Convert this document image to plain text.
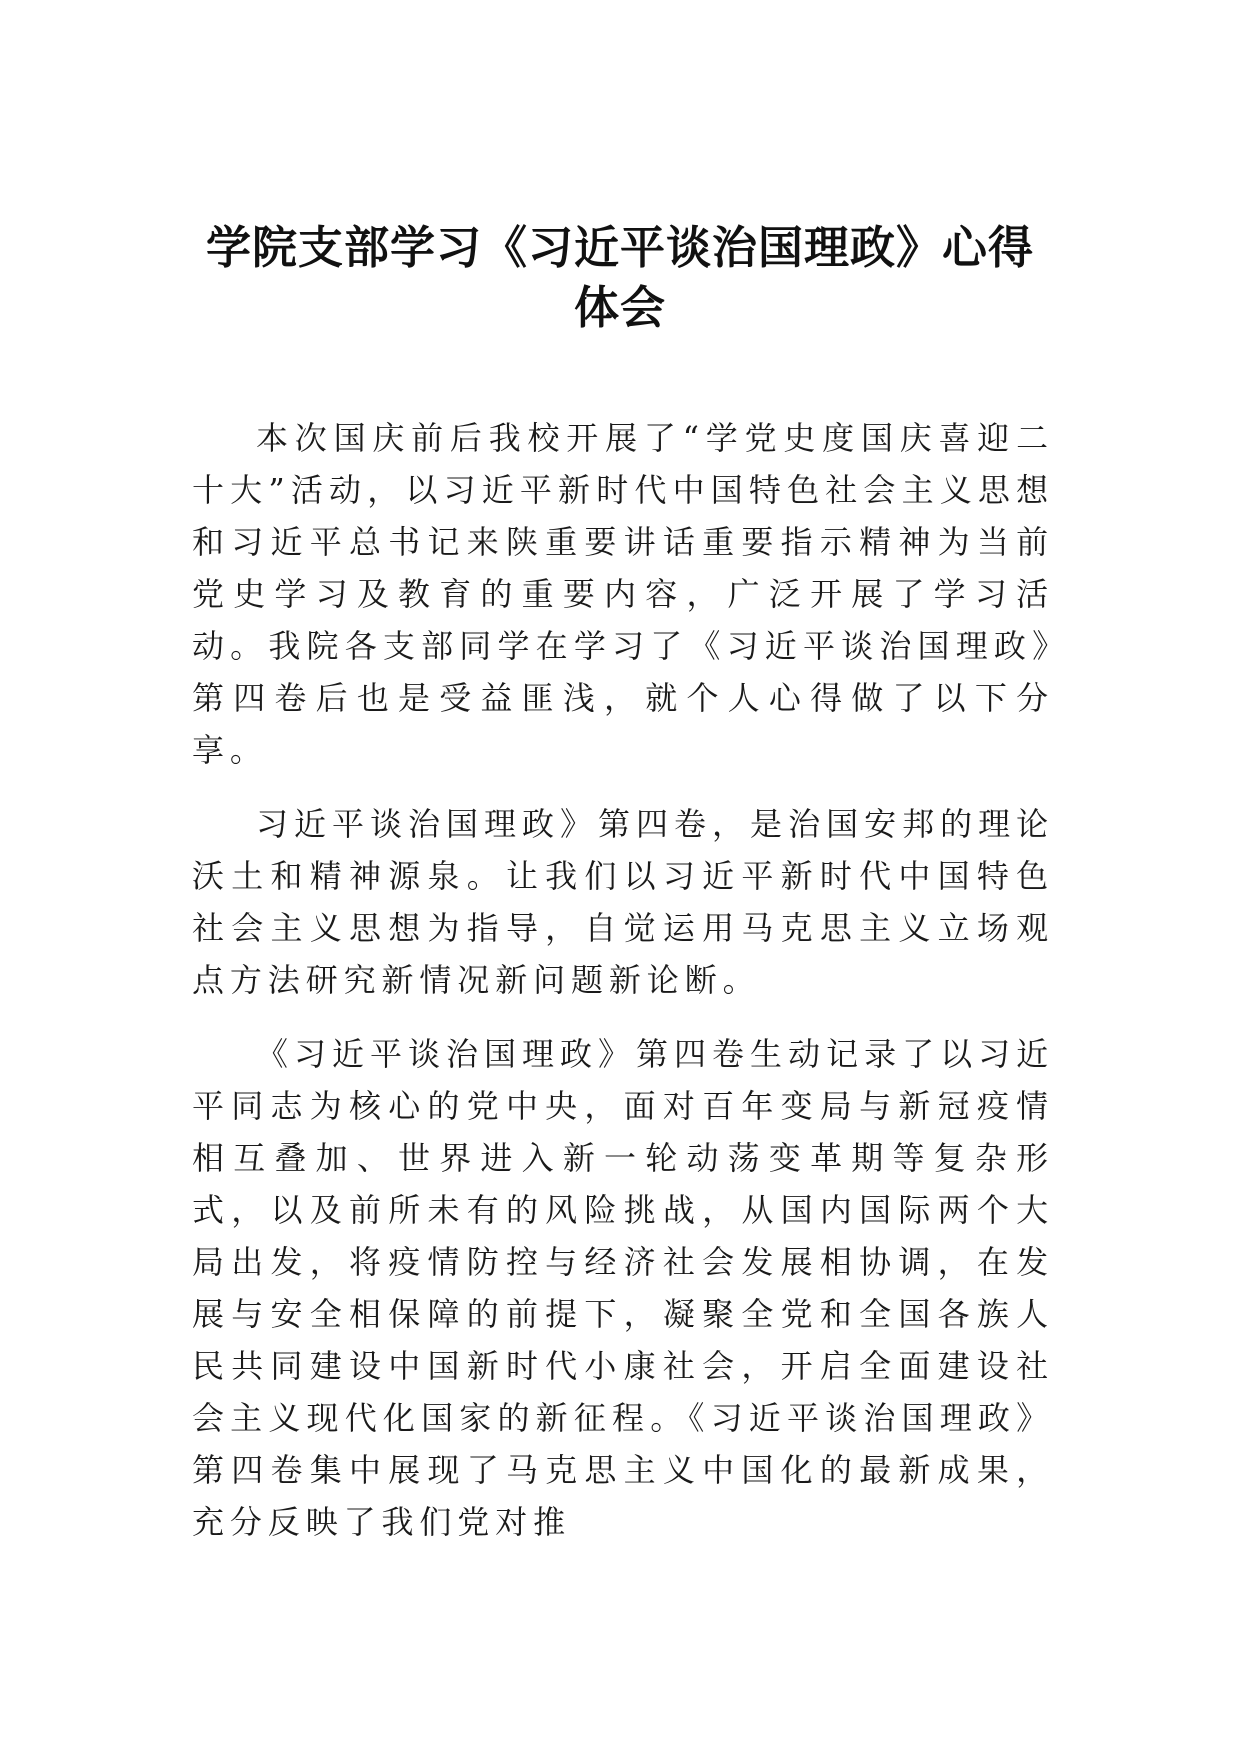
学院支部学习《习近平谈治国理政》心得
体会

本次国庆前后我校开展了“学党史度国庆喜迎二十大”活动，以习近平新时代中国特色社会主义思想和习近平总书记来陕重要讲话重要指示精神为当前党史学习及教育的重要内容，广泛开展了学习活动。我院各支部同学在学习了《习近平谈治国理政》第四卷后也是受益匪浅，就个人心得做了以下分享。

习近平谈治国理政》第四卷，是治国安邦的理论沃土和精神源泉。让我们以习近平新时代中国特色社会主义思想为指导，自觉运用马克思主义立场观点方法研究新情况新问题新论断。

《习近平谈治国理政》第四卷生动记录了以习近平同志为核心的党中央，面对百年变局与新冠疫情相互叠加、世界进入新一轮动荡变革期等复杂形式，以及前所未有的风险挑战，从国内国际两个大局出发，将疫情防控与经济社会发展相协调，在发展与安全相保障的前提下，凝聚全党和全国各族人民共同建设中国新时代小康社会，开启全面建设社会主义现代化国家的新征程。《习近平谈治国理政》第四卷集中展现了马克思主义中国化的最新成果，充分反映了我们党对推
